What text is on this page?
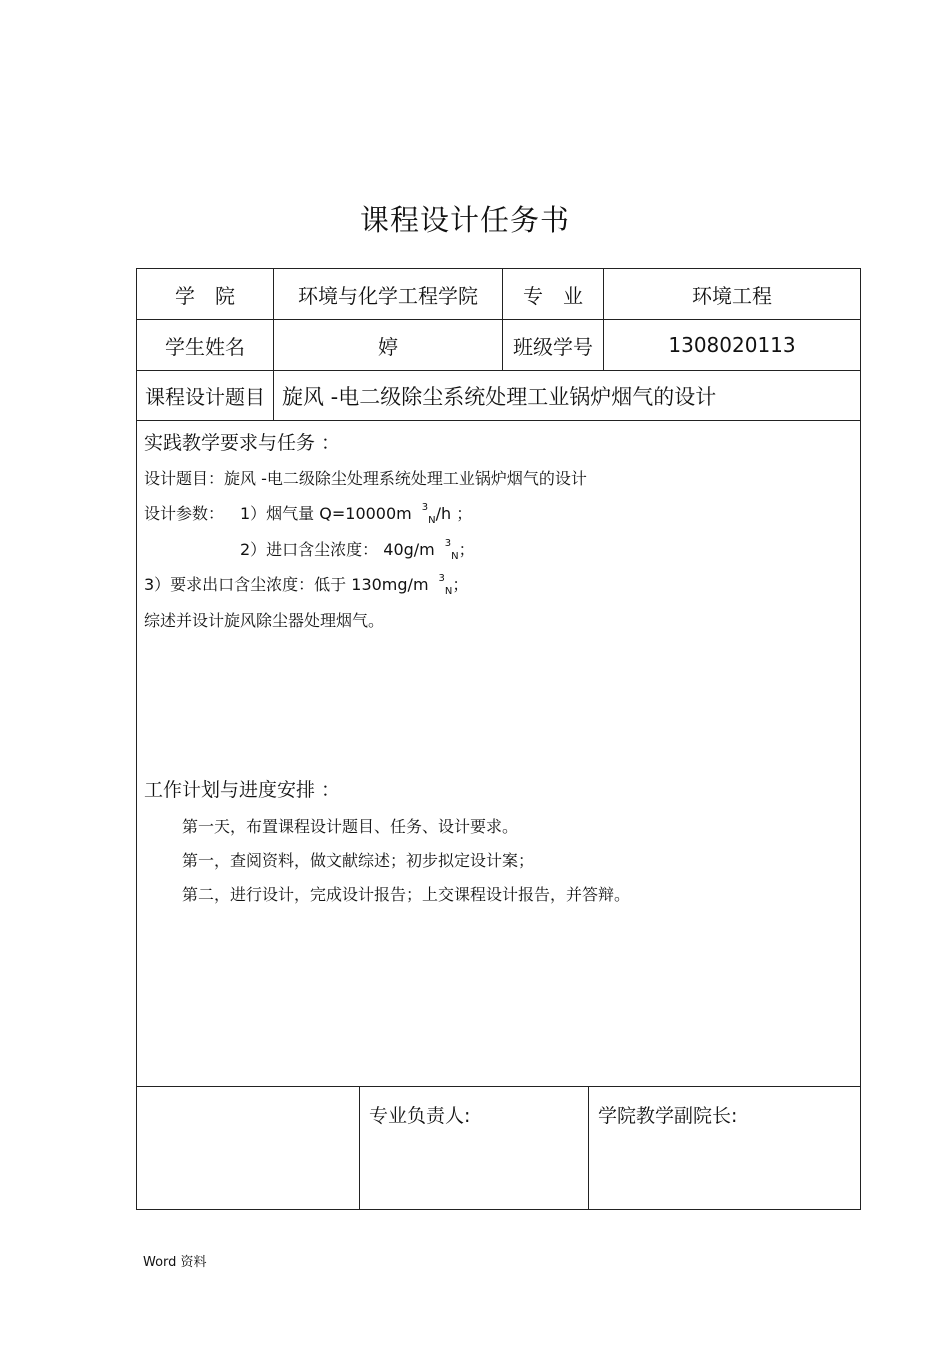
课程设计任务书
学　院	环境与化学工程学院	专　业	环境工程
学生姓名	婷	班级学号	1308020113
课程设计题目 旋风 -电二级除尘系统处理工业锅炉烟气的设计
实践教学要求与任务 ：
设计题目：旋风 -电二级除尘处理系统处理工业锅炉烟气的设计
设计参数： 1）烟气量 Q=10000m $^3_N$/h ；
2）进口含尘浓度： 40g/m $^3_N$；
3）要求出口含尘浓度：低于 130mg/m $^3_N$；
综述并设计旋风除尘器处理烟气。
工作计划与进度安排 ：
第一天，布置课程设计题目、任务、设计要求。
第一，查阅资料，做文献综述；初步拟定设计案；
第二，进行设计，完成设计报告；上交课程设计报告，并答辩。
专业负责人:	学院教学副院长:
Word 资料
